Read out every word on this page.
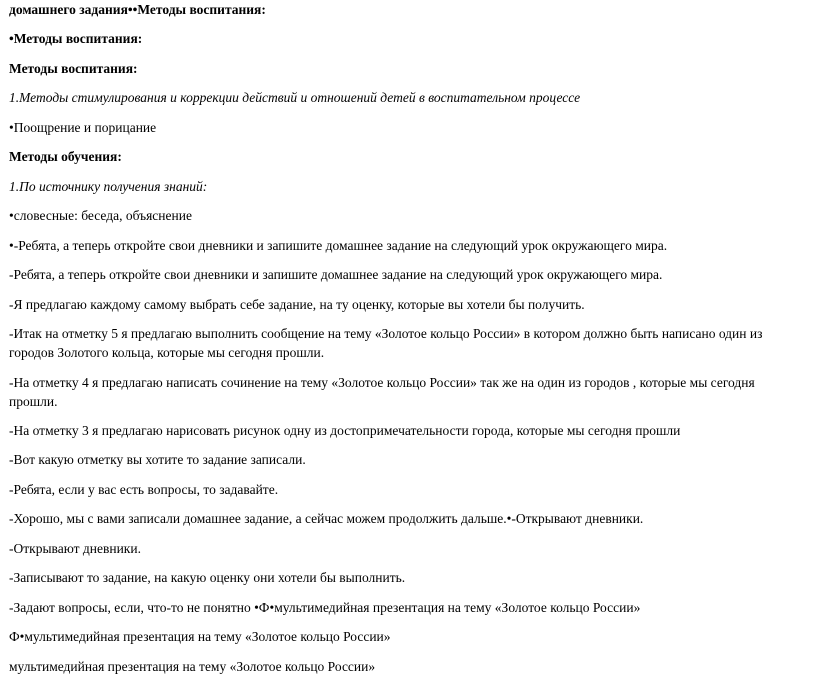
домашнего задания••Методы воспитания:

•Методы воспитания:

Методы воспитания:

1.Методы стимулирования и коррекции действий и отношений детей в воспитательном процессе

•Поощрение и порицание

Методы обучения:

1.По источнику получения знаний:

•словесные: беседа, объяснение

•-Ребята, а теперь откройте свои дневники и запишите домашнее задание на следующий урок окружающего мира.

-Ребята, а теперь откройте свои дневники и запишите домашнее задание на следующий урок окружающего мира.

-Я предлагаю каждому самому выбрать себе задание, на ту оценку, которые вы хотели бы получить.

-Итак на отметку 5 я предлагаю выполнить сообщение на тему «Золотое кольцо России» в котором должно быть написано один из городов Золотого кольца, которые мы сегодня прошли.

-На отметку 4 я предлагаю написать сочинение на тему «Золотое кольцо России» так же на один из городов , которые мы сегодня прошли.

-На отметку 3 я предлагаю нарисовать рисунок одну из достопримечательности города, которые мы сегодня прошли

-Вот какую отметку вы хотите то задание записали.

-Ребята, если у вас есть вопросы, то задавайте.

-Хорошо, мы с вами записали домашнее задание, а сейчас можем продолжить дальше.•-Открывают дневники.

-Открывают дневники.

-Записывают то задание, на какую оценку они хотели бы выполнить.

-Задают вопросы, если, что-то не понятно •Ф•мультимедийная презентация на тему «Золотое кольцо России»

Ф•мультимедийная презентация на тему «Золотое кольцо России»

мультимедийная презентация на тему «Золотое кольцо России»
